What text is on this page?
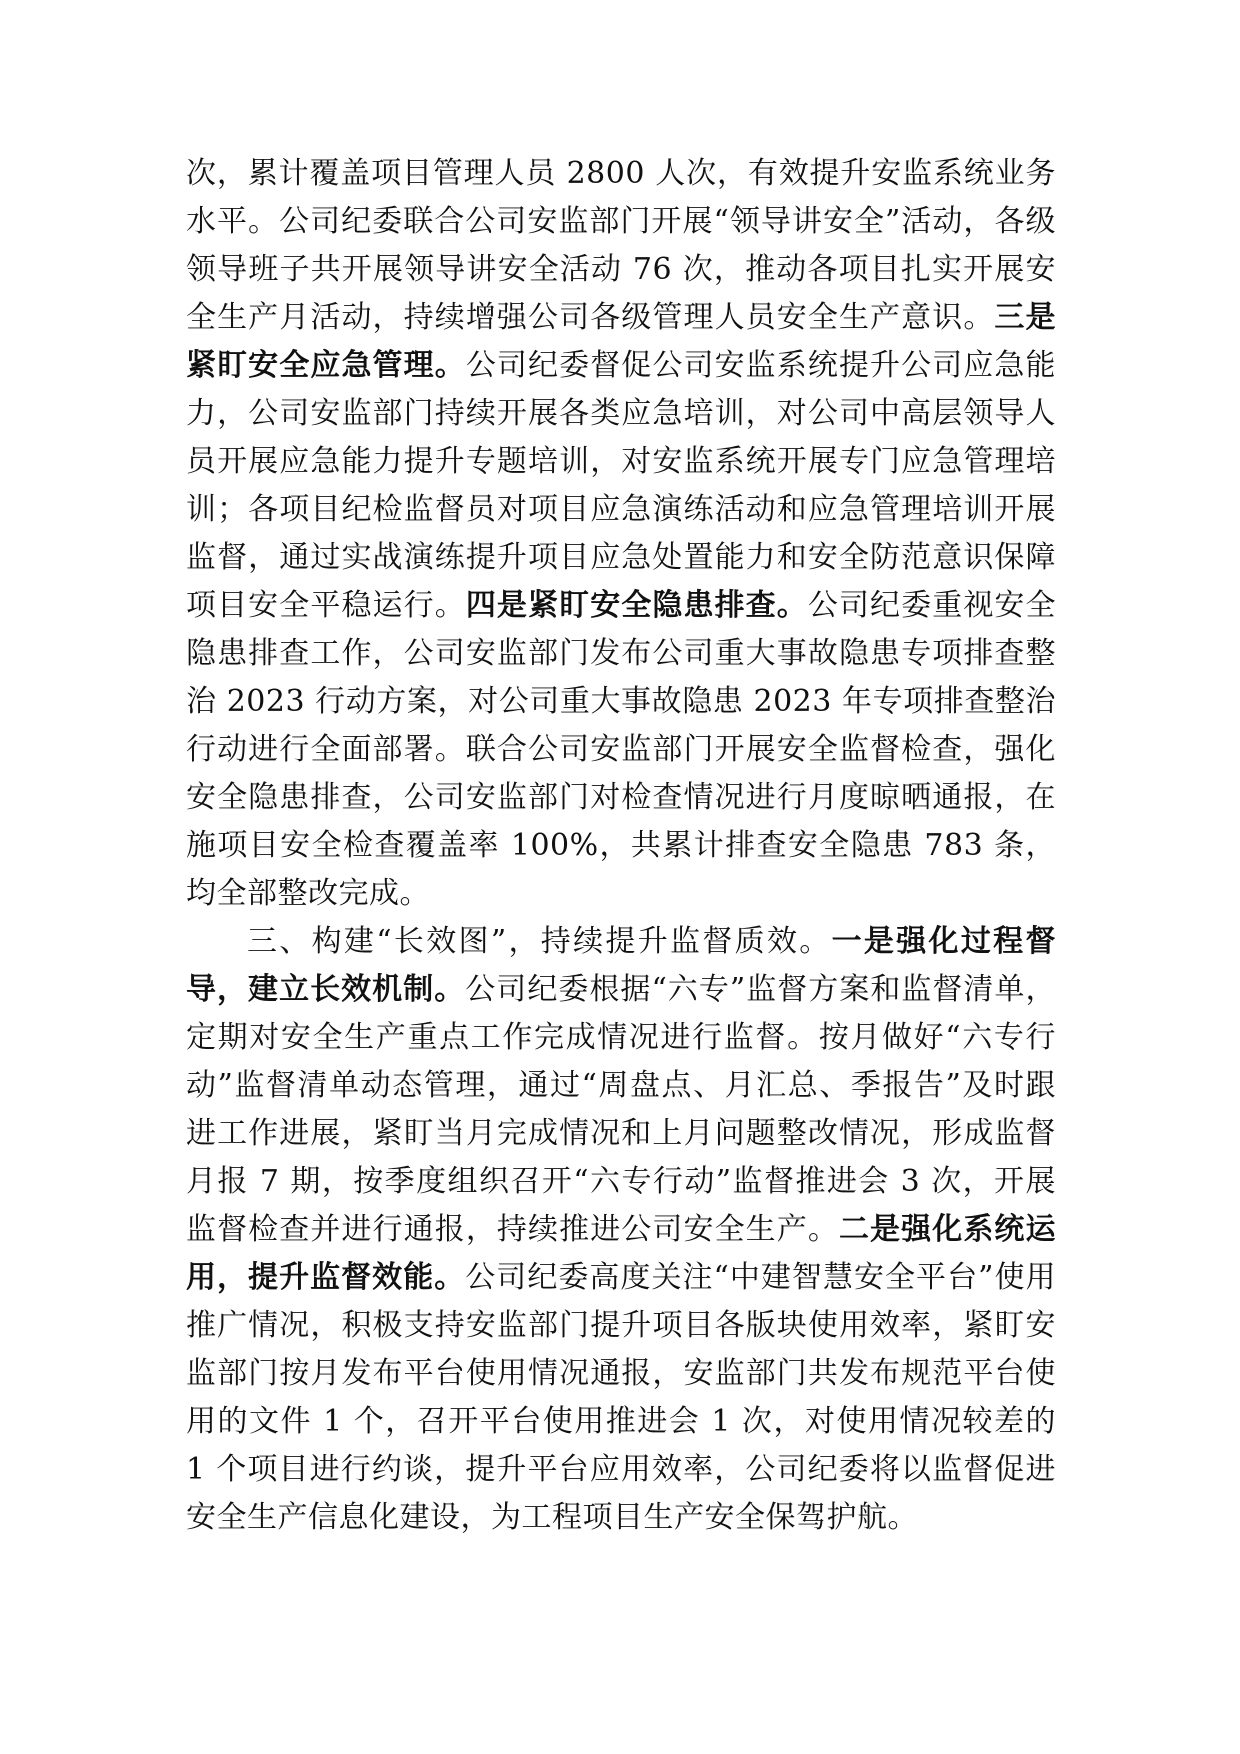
次，累计覆盖项目管理人员 2800 人次，有效提升安监系统业务水平。公司纪委联合公司安监部门开展“领导讲安全”活动，各级领导班子共开展领导讲安全活动 76 次，推动各项目扎实开展安全生产月活动，持续增强公司各级管理人员安全生产意识。三是紧盯安全应急管理。公司纪委督促公司安监系统提升公司应急能力，公司安监部门持续开展各类应急培训，对公司中高层领导人员开展应急能力提升专题培训，对安监系统开展专门应急管理培训；各项目纪检监督员对项目应急演练活动和应急管理培训开展监督，通过实战演练提升项目应急处置能力和安全防范意识保障项目安全平稳运行。四是紧盯安全隐患排查。公司纪委重视安全隐患排查工作，公司安监部门发布公司重大事故隐患专项排查整治 2023 行动方案，对公司重大事故隐患 2023 年专项排查整治行动进行全面部署。联合公司安监部门开展安全监督检查，强化安全隐患排查，公司安监部门对检查情况进行月度晾晒通报，在施项目安全检查覆盖率 100%，共累计排查安全隐患 783 条，均全部整改完成。

三、构建“长效图”，持续提升监督质效。一是强化过程督导，建立长效机制。公司纪委根据“六专”监督方案和监督清单，定期对安全生产重点工作完成情况进行监督。按月做好“六专行动”监督清单动态管理，通过“周盘点、月汇总、季报告”及时跟进工作进展，紧盯当月完成情况和上月问题整改情况，形成监督月报 7 期，按季度组织召开“六专行动”监督推进会 3 次，开展监督检查并进行通报，持续推进公司安全生产。二是强化系统运用，提升监督效能。公司纪委高度关注“中建智慧安全平台”使用推广情况，积极支持安监部门提升项目各版块使用效率，紧盯安监部门按月发布平台使用情况通报，安监部门共发布规范平台使用的文件 1 个，召开平台使用推进会 1 次，对使用情况较差的 1 个项目进行约谈，提升平台应用效率，公司纪委将以监督促进安全生产信息化建设，为工程项目生产安全保驾护航。
